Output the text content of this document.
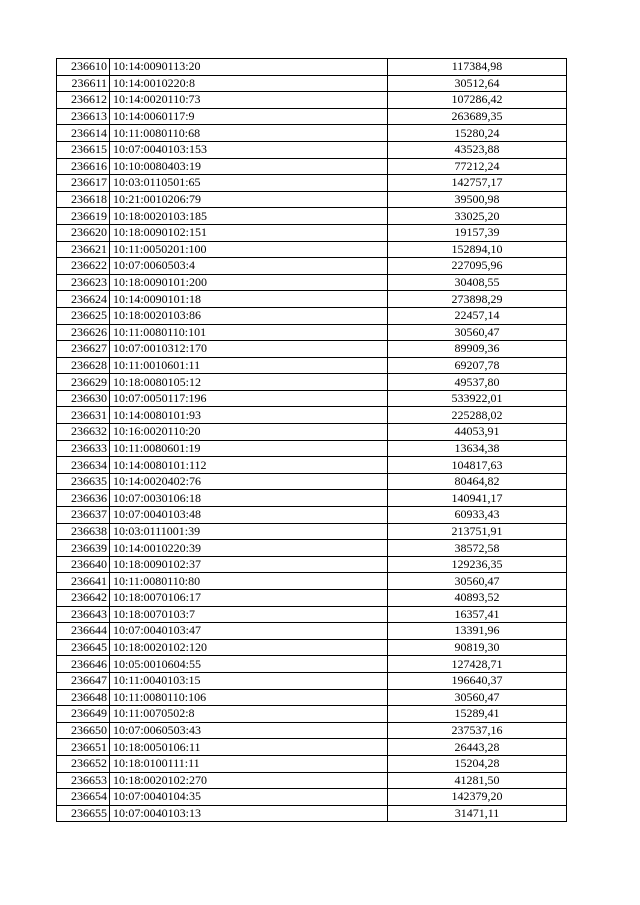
236610	10:14:0090113:20	117384,98
236611	10:14:0010220:8	30512,64
236612	10:14:0020110:73	107286,42
236613	10:14:0060117:9	263689,35
236614	10:11:0080110:68	15280,24
236615	10:07:0040103:153	43523,88
236616	10:10:0080403:19	77212,24
236617	10:03:0110501:65	142757,17
236618	10:21:0010206:79	39500,98
236619	10:18:0020103:185	33025,20
236620	10:18:0090102:151	19157,39
236621	10:11:0050201:100	152894,10
236622	10:07:0060503:4	227095,96
236623	10:18:0090101:200	30408,55
236624	10:14:0090101:18	273898,29
236625	10:18:0020103:86	22457,14
236626	10:11:0080110:101	30560,47
236627	10:07:0010312:170	89909,36
236628	10:11:0010601:11	69207,78
236629	10:18:0080105:12	49537,80
236630	10:07:0050117:196	533922,01
236631	10:14:0080101:93	225288,02
236632	10:16:0020110:20	44053,91
236633	10:11:0080601:19	13634,38
236634	10:14:0080101:112	104817,63
236635	10:14:0020402:76	80464,82
236636	10:07:0030106:18	140941,17
236637	10:07:0040103:48	60933,43
236638	10:03:0111001:39	213751,91
236639	10:14:0010220:39	38572,58
236640	10:18:0090102:37	129236,35
236641	10:11:0080110:80	30560,47
236642	10:18:0070106:17	40893,52
236643	10:18:0070103:7	16357,41
236644	10:07:0040103:47	13391,96
236645	10:18:0020102:120	90819,30
236646	10:05:0010604:55	127428,71
236647	10:11:0040103:15	196640,37
236648	10:11:0080110:106	30560,47
236649	10:11:0070502:8	15289,41
236650	10:07:0060503:43	237537,16
236651	10:18:0050106:11	26443,28
236652	10:18:0100111:11	15204,28
236653	10:18:0020102:270	41281,50
236654	10:07:0040104:35	142379,20
236655	10:07:0040103:13	31471,11
